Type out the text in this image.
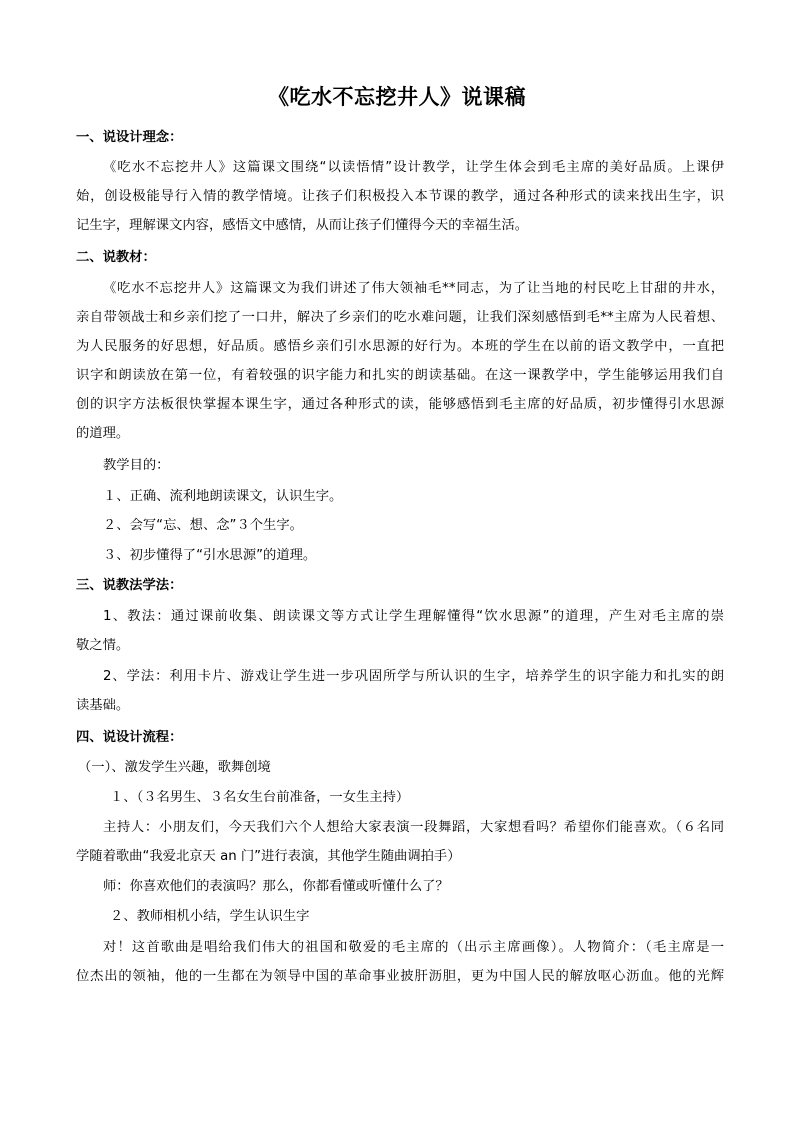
《吃水不忘挖井人》说课稿
一、说设计理念：
《吃水不忘挖井人》这篇课文围绕“以读悟情”设计教学，让学生体会到毛主席的美好品质。上课伊
始，创设极能导行入情的教学情境。让孩子们积极投入本节课的教学，通过各种形式的读来找出生字，识
记生字，理解课文内容，感悟文中感情，从而让孩子们懂得今天的幸福生活。
二、说教材：
《吃水不忘挖井人》这篇课文为我们讲述了伟大领袖毛**同志，为了让当地的村民吃上甘甜的井水，
亲自带领战士和乡亲们挖了一口井，解决了乡亲们的吃水难问题，让我们深刻感悟到毛**主席为人民着想、
为人民服务的好思想，好品质。感悟乡亲们引水思源的好行为。本班的学生在以前的语文教学中，一直把
识字和朗读放在第一位，有着较强的识字能力和扎实的朗读基础。在这一课教学中，学生能够运用我们自
创的识字方法板很快掌握本课生字，通过各种形式的读，能够感悟到毛主席的好品质，初步懂得引水思源
的道理。
教学目的：
１、正确、流利地朗读课文，认识生字。
２、会写“忘、想、念”３个生字。
３、初步懂得了“引水思源”的道理。
三、说教法学法：
1、教法：通过课前收集、朗读课文等方式让学生理解懂得“饮水思源”的道理，产生对毛主席的崇
敬之情。
2、学法：利用卡片、游戏让学生进一步巩固所学与所认识的生字，培养学生的识字能力和扎实的朗
读基础。
四、说设计流程：
（一）、激发学生兴趣，歌舞创境
１、（３名男生、３名女生台前准备，一女生主持）
主持人：小朋友们，今天我们六个人想给大家表演一段舞蹈，大家想看吗？希望你们能喜欢。（６名同
学随着歌曲“我爱北京天 an 门”进行表演，其他学生随曲调拍手）
师：你喜欢他们的表演吗？那么，你都看懂或听懂什么了？
２、教师相机小结，学生认识生字
对！这首歌曲是唱给我们伟大的祖国和敬爱的毛主席的（出示主席画像）。人物简介：（毛主席是一
位杰出的领袖，他的一生都在为领导中国的革命事业披肝沥胆，更为中国人民的解放呕心沥血。他的光辉
